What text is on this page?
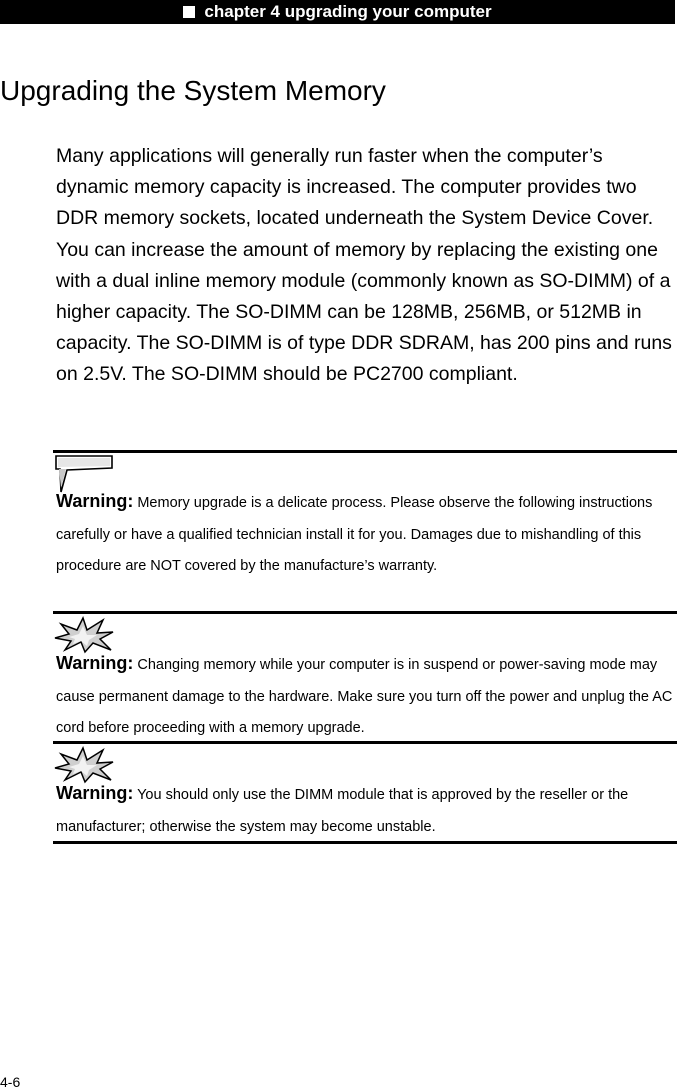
chapter 4 upgrading your computer
Upgrading the System Memory

Many applications will generally run faster when the computer’s dynamic memory capacity is increased. The computer provides two DDR memory sockets, located underneath the System Device Cover. You can increase the amount of memory by replacing the existing one with a dual inline memory module (commonly known as SO-DIMM) of a higher capacity. The SO-DIMM can be 128MB, 256MB, or 512MB in capacity. The SO-DIMM is of type DDR SDRAM, has 200 pins and runs on 2.5V. The SO-DIMM should be PC2700 compliant.

Warning: Memory upgrade is a delicate process. Please observe the following instructions carefully or have a qualified technician install it for you. Damages due to mishandling of this procedure are NOT covered by the manufacture’s warranty.

Warning: Changing memory while your computer is in suspend or power-saving mode may cause permanent damage to the hardware. Make sure you turn off the power and unplug the AC cord before proceeding with a memory upgrade.

Warning: You should only use the DIMM module that is approved by the reseller or the manufacturer; otherwise the system may become unstable.

4-6
